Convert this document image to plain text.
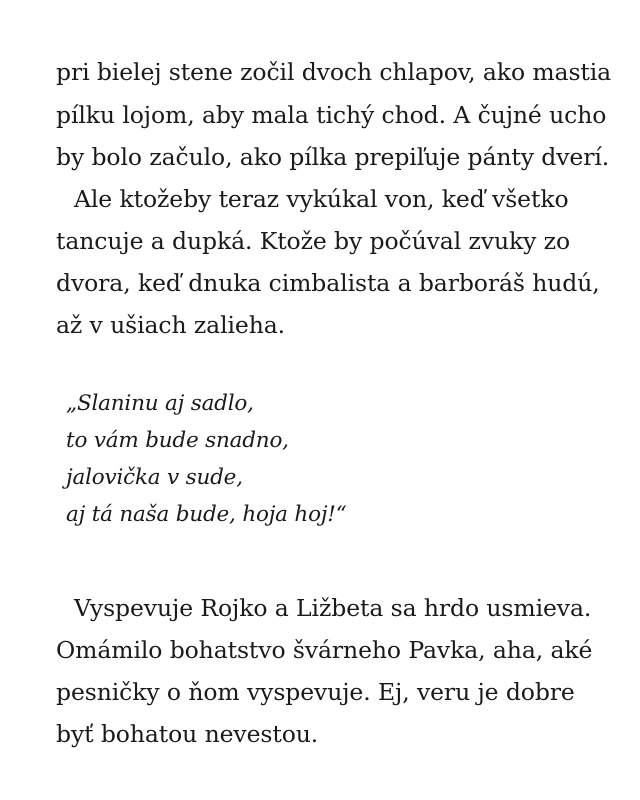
pri bielej stene zočil dvoch chlapov, ako mastia
pílku lojom, aby mala tichý chod. A čujné ucho
by bolo začulo, ako pílka prepiľuje pánty dverí.
Ale ktožeby teraz vykúkal von, keď všetko
tancuje a dupká. Ktože by počúval zvuky zo
dvora, keď dnuka cimbalista a barboráš hudú,
až v ušiach zalieha.
„Slaninu aj sadlo,
to vám bude snadno,
jalovička v sude,
aj tá naša bude, hoja hoj!“
Vyspevuje Rojko a Ližbeta sa hrdo usmieva.
Omámilo bohatstvo švárneho Pavka, aha, aké
pesničky o ňom vyspevuje. Ej, veru je dobre
byť bohatou nevestou.
